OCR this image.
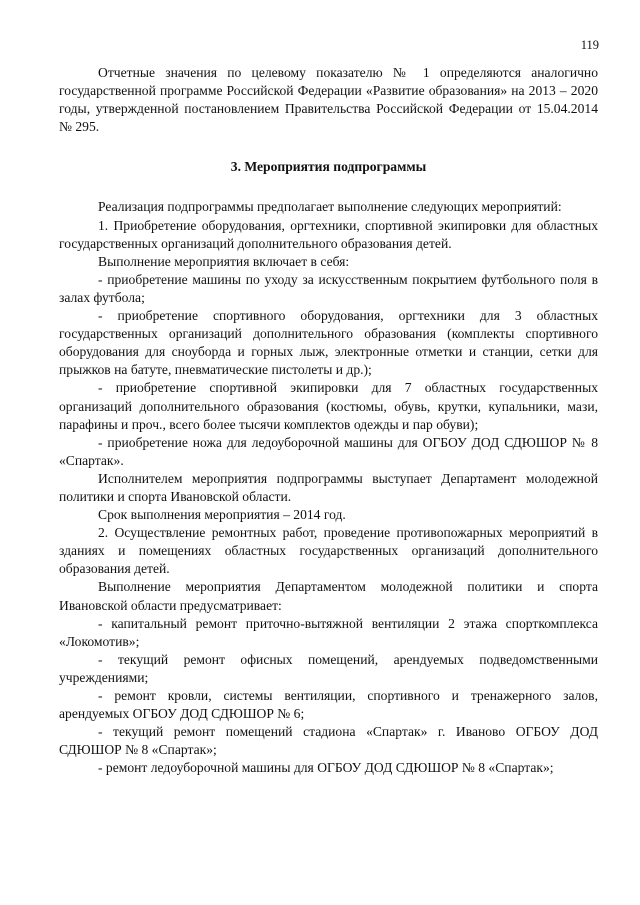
119

Отчетные значения по целевому показателю № 1 определяются аналогично государственной программе Российской Федерации «Развитие образования» на 2013 – 2020 годы, утвержденной постановлением Правительства Российской Федерации от 15.04.2014 № 295.

3. Мероприятия подпрограммы

Реализация подпрограммы предполагает выполнение следующих мероприятий:

1. Приобретение оборудования, оргтехники, спортивной экипировки для областных государственных организаций дополнительного образования детей.

Выполнение мероприятия включает в себя:

- приобретение машины по уходу за искусственным покрытием футбольного поля в залах футбола;

- приобретение спортивного оборудования, оргтехники для 3 областных государственных организаций дополнительного образования (комплекты спортивного оборудования для сноуборда и горных лыж, электронные отметки и станции, сетки для прыжков на батуте, пневматические пистолеты и др.);

- приобретение спортивной экипировки для 7 областных государственных организаций дополнительного образования (костюмы, обувь, крутки, купальники, мази, парафины и проч., всего более тысячи комплектов одежды и пар обуви);

- приобретение ножа для ледоуборочной машины для ОГБОУ ДОД СДЮШОР № 8 «Спартак».

Исполнителем мероприятия подпрограммы выступает Департамент молодежной политики и спорта Ивановской области.

Срок выполнения мероприятия – 2014 год.

2. Осуществление ремонтных работ, проведение противопожарных мероприятий в зданиях и помещениях областных государственных организаций дополнительного образования детей.

Выполнение мероприятия Департаментом молодежной политики и спорта Ивановской области предусматривает:

- капитальный ремонт приточно-вытяжной вентиляции 2 этажа спорткомплекса «Локомотив»;

- текущий ремонт офисных помещений, арендуемых подведомственными учреждениями;

- ремонт кровли, системы вентиляции, спортивного и тренажерного залов, арендуемых ОГБОУ ДОД СДЮШОР № 6;

- текущий ремонт помещений стадиона «Спартак» г. Иваново ОГБОУ ДОД СДЮШОР № 8 «Спартак»;

- ремонт ледоуборочной машины для ОГБОУ ДОД СДЮШОР № 8 «Спартак»;
